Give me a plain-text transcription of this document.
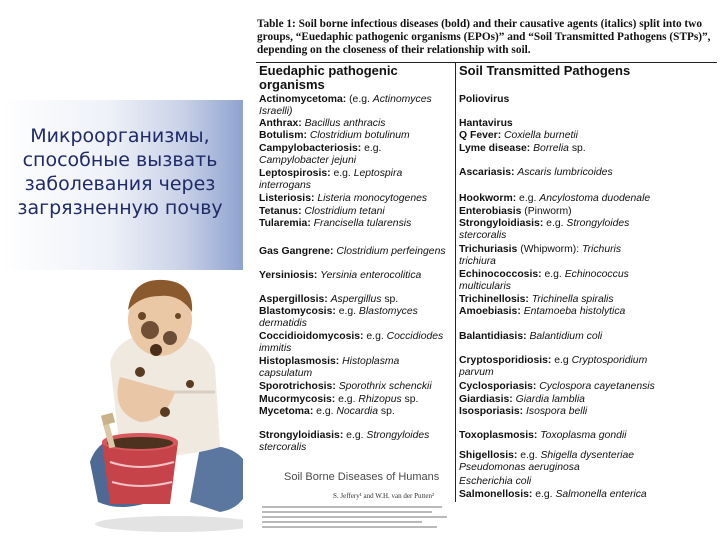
Микроорганизмы,
способные вызвать
заболевания через
загрязненную почву
Table 1: Soil borne infectious diseases (bold) and their causative agents (italics) split into two
groups, “Euedaphic pathogenic organisms (EPOs)” and “Soil Transmitted Pathogens (STPs)”,
depending on the closeness of their relationship with soil.
Euedaphic pathogenic
organisms
Soil Transmitted Pathogens
Actinomycetoma: (e.g. Actinomyces
Israelli)
Anthrax: Bacillus anthracis
Botulism: Clostridium botulinum
Campylobacteriosis: e.g.
Campylobacter jejuni
Leptospirosis: e.g. Leptospira
interrogans
Listeriosis: Listeria monocytogenes
Tetanus: Clostridium tetani
Tularemia: Francisella tularensis
Gas Gangrene: Clostridium perfeingens
Yersiniosis: Yersinia enterocolitica
Aspergillosis: Aspergillus sp.
Blastomycosis: e.g. Blastomyces
dermatidis
Coccidioidomycosis: e.g. Coccidiodes
immitis
Histoplasmosis: Histoplasma
capsulatum
Sporotrichosis: Sporothrix schenckii
Mucormycosis: e.g. Rhizopus sp.
Mycetoma: e.g. Nocardia sp.
Strongyloidiasis: e.g. Strongyloides
stercoralis
Poliovirus
Hantavirus
Q Fever: Coxiella burnetii
Lyme disease: Borrelia sp.
Ascariasis: Ascaris lumbricoides
Hookworm: e.g. Ancylostoma duodenale
Enterobiasis (Pinworm)
Strongyloidiasis: e.g. Strongyloides
stercoralis
Trichuriasis (Whipworm): Trichuris
trichiura
Echinococcosis: e.g. Echinococcus
multicularis
Trichinellosis: Trichinella spiralis
Amoebiasis: Entamoeba histolytica
Balantidiasis: Balantidium coli
Cryptosporidiosis: e.g Cryptosporidium
parvum
Cyclosporiasis: Cyclospora cayetanensis
Giardiasis: Giardia lamblia
Isosporiasis: Isospora belli
Toxoplasmosis: Toxoplasma gondii
Shigellosis: e.g. Shigella dysenteriae
Pseudomonas aeruginosa
Escherichia coli
Salmonellosis: e.g. Salmonella enterica
Soil Borne Diseases of Humans
S. Jeffery¹ and W.H. van der Putten²
